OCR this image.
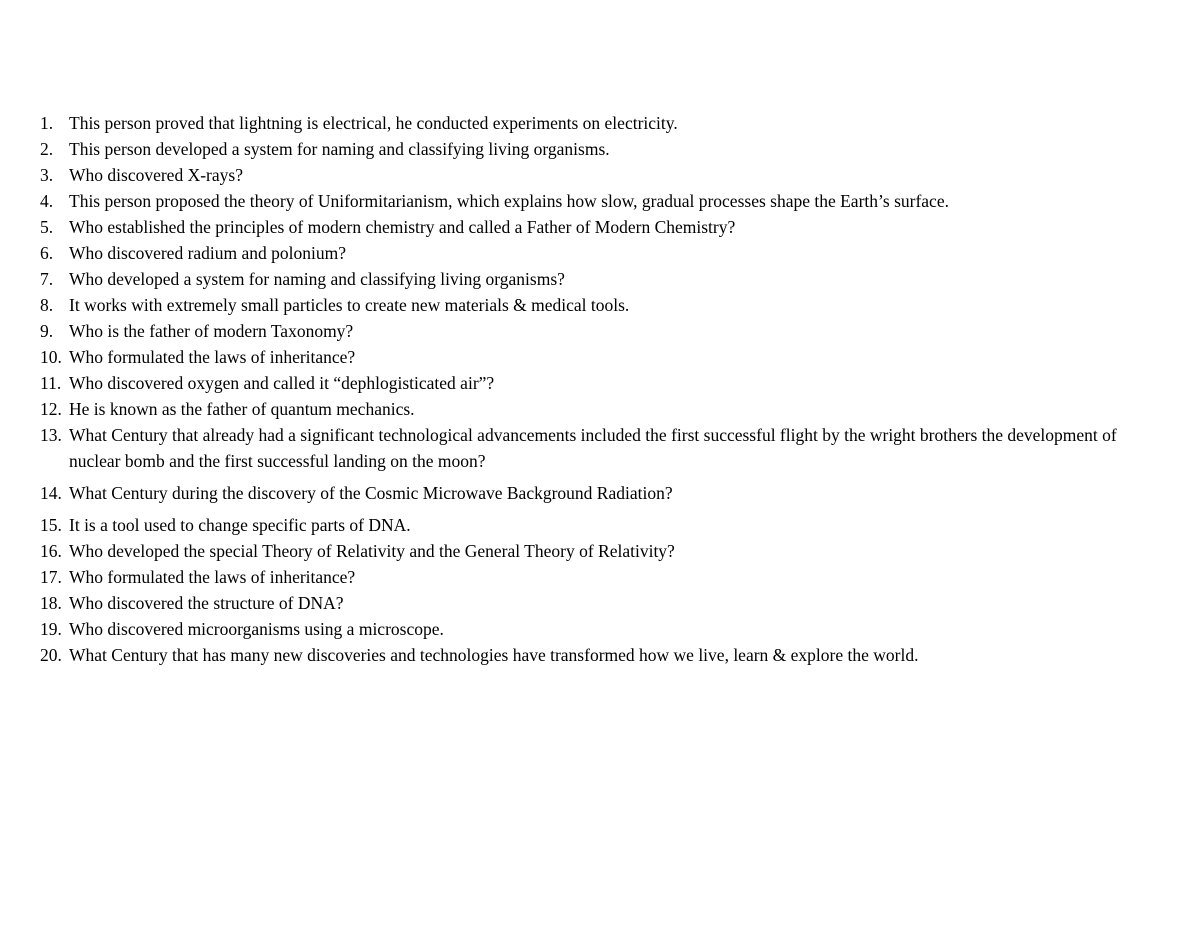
1. This person proved that lightning is electrical, he conducted experiments on electricity.
2. This person developed a system for naming and classifying living organisms.
3. Who discovered X-rays?
4. This person proposed the theory of Uniformitarianism, which explains how slow, gradual processes shape the Earth’s surface.
5. Who established the principles of modern chemistry and called a Father of Modern Chemistry?
6. Who discovered radium and polonium?
7. Who developed a system for naming and classifying living organisms?
8. It works with extremely small particles to create new materials & medical tools.
9. Who is the father of modern Taxonomy?
10. Who formulated the laws of inheritance?
11. Who discovered oxygen and called it “dephlogisticated air”?
12. He is known as the father of quantum mechanics.
13. What Century that already had a significant technological advancements included the first successful flight by the wright brothers the development of nuclear bomb and the first successful landing on the moon?
14. What Century during the discovery of the Cosmic Microwave Background Radiation?
15. It is a tool used to change specific parts of DNA.
16. Who developed the special Theory of Relativity and the General Theory of Relativity?
17. Who formulated the laws of inheritance?
18. Who discovered the structure of DNA?
19. Who discovered microorganisms using a microscope.
20. What Century that has many new discoveries and technologies have transformed how we live, learn & explore the world.
